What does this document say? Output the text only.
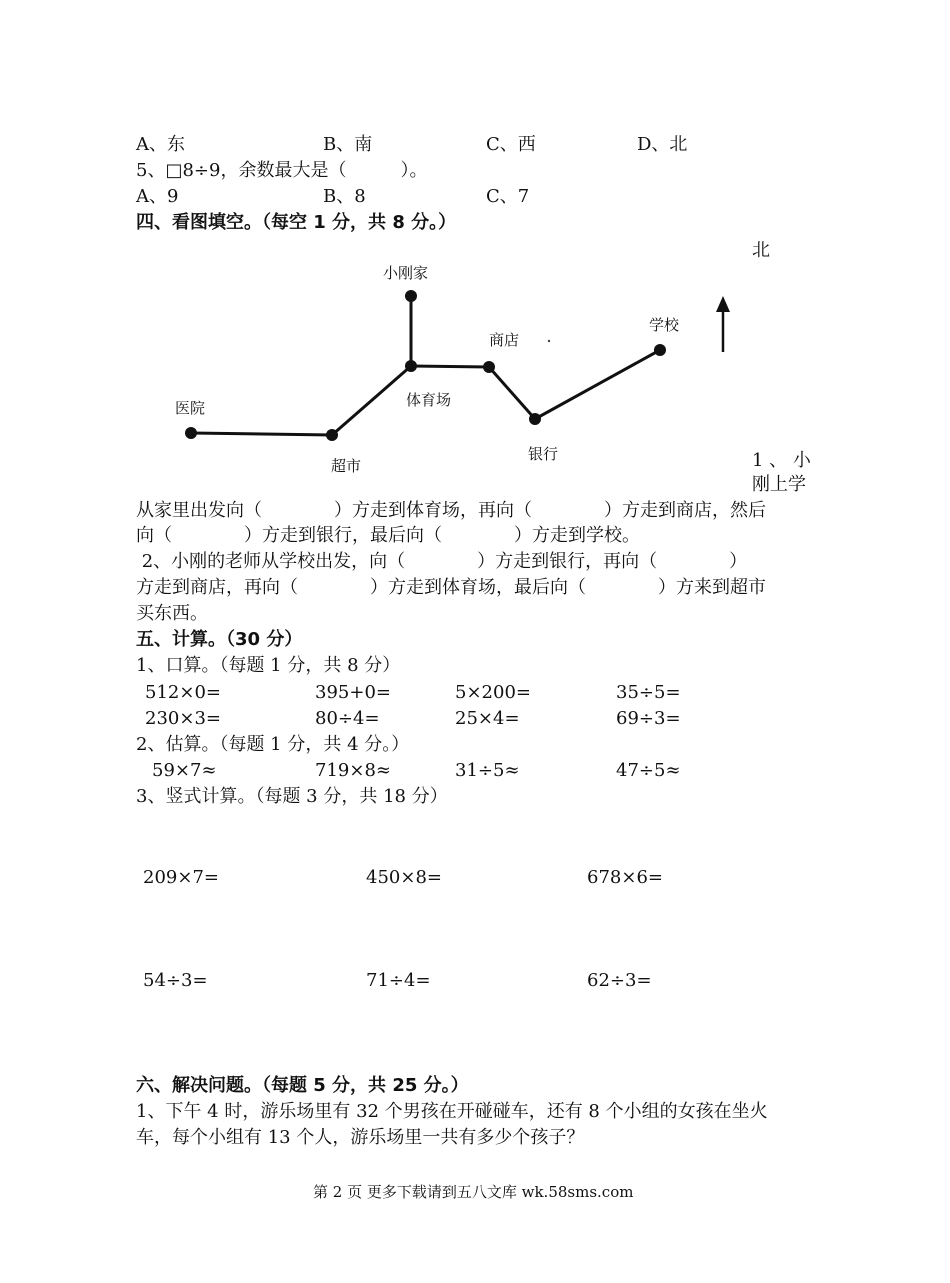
A、东	B、南	C、西	D、北
5、□8÷9，余数最大是（　　　）。
A、9	B、8	C、7
四、看图填空。（每空 1 分，共 8 分。）
北
小刚家
商店
学校
医院	体育场
超市
银行	1 、 小
刚上学
从家里出发向（　　　　）方走到体育场，再向（　　　　）方走到商店，然后
向（　　　　）方走到银行，最后向（　　　　）方走到学校。
2、小刚的老师从学校出发，向（　　　　）方走到银行，再向（　　　　）
方走到商店，再向（　　　　）方走到体育场，最后向（　　　　）方来到超市
买东西。
五、计算。（30 分）
1、口算。（每题 1 分，共 8 分）
512×0=	395+0=	5×200=	35÷5=
230×3=	80÷4=	25×4=	69÷3=
2、估算。（每题 1 分，共 4 分。）
59×7≈	719×8≈	31÷5≈	47÷5≈
3、竖式计算。（每题 3 分，共 18 分）
209×7=	450×8=	678×6=
54÷3=	71÷4=	62÷3=
六、解决问题。（每题 5 分，共 25 分。）
1、下午 4 时，游乐场里有 32 个男孩在开碰碰车，还有 8 个小组的女孩在坐火
车，每个小组有 13 个人，游乐场里一共有多少个孩子？
第 2 页 更多下载请到五八文库 wk.58sms.com
